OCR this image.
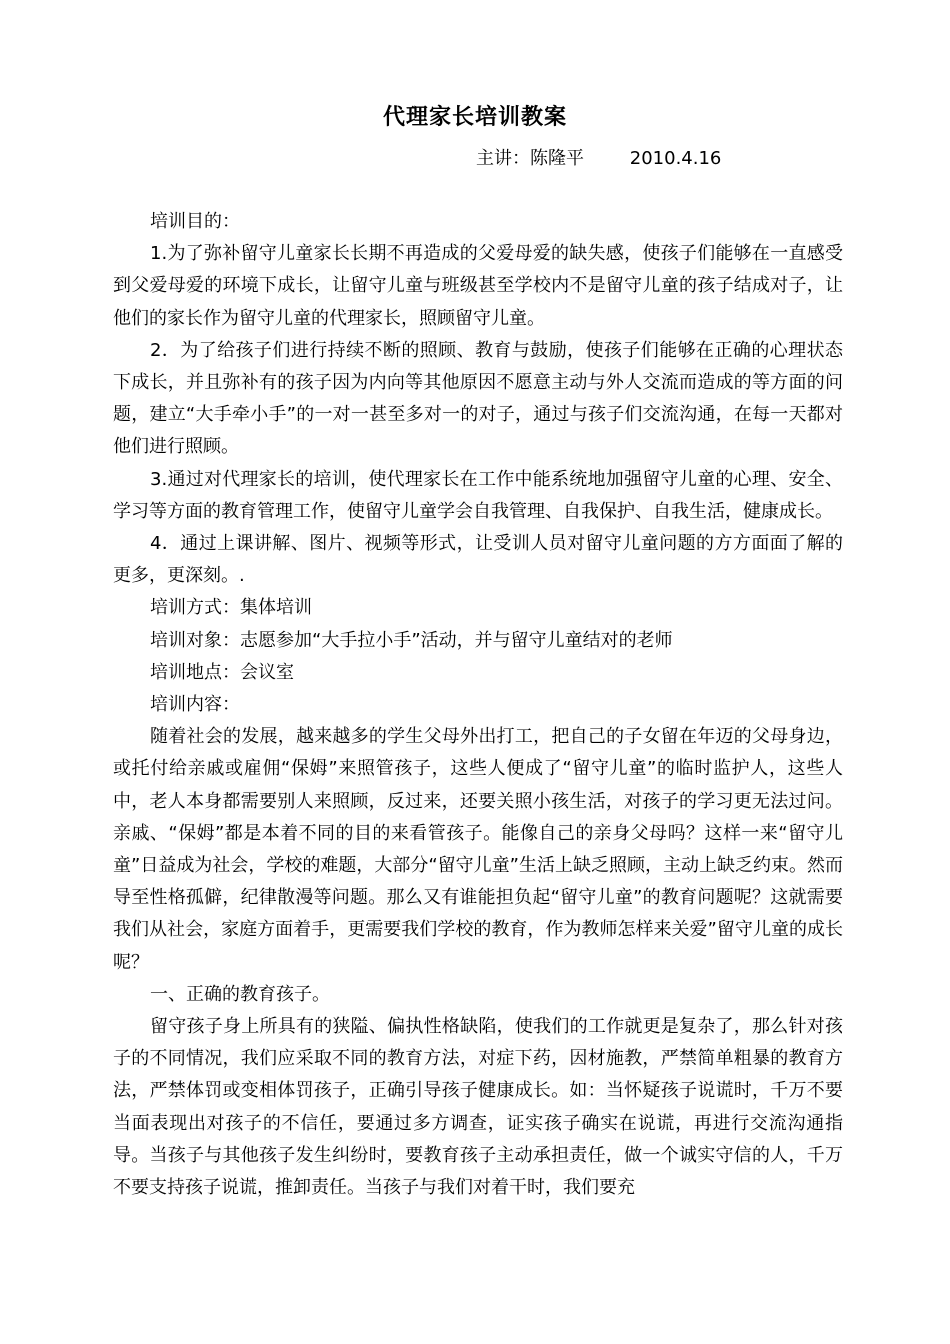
代理家长培训教案
主讲：陈隆平        2010.4.16

培训目的：

1.为了弥补留守儿童家长长期不再造成的父爱母爱的缺失感，使孩子们能够在一直感受到父爱母爱的环境下成长，让留守儿童与班级甚至学校内不是留守儿童的孩子结成对子，让他们的家长作为留守儿童的代理家长，照顾留守儿童。

2．为了给孩子们进行持续不断的照顾、教育与鼓励，使孩子们能够在正确的心理状态下成长，并且弥补有的孩子因为内向等其他原因不愿意主动与外人交流而造成的等方面的问题，建立“大手牵小手”的一对一甚至多对一的对子，通过与孩子们交流沟通，在每一天都对他们进行照顾。

3.通过对代理家长的培训，使代理家长在工作中能系统地加强留守儿童的心理、安全、学习等方面的教育管理工作，使留守儿童学会自我管理、自我保护、自我生活，健康成长。

4．通过上课讲解、图片、视频等形式，让受训人员对留守儿童问题的方方面面了解的更多，更深刻。.

培训方式：集体培训

培训对象：志愿参加“大手拉小手”活动，并与留守儿童结对的老师

培训地点：会议室

培训内容：

随着社会的发展，越来越多的学生父母外出打工，把自己的子女留在年迈的父母身边，或托付给亲戚或雇佣“保姆”来照管孩子，这些人便成了“留守儿童”的临时监护人，这些人中，老人本身都需要别人来照顾，反过来，还要关照小孩生活，对孩子的学习更无法过问。亲戚、“保姆”都是本着不同的目的来看管孩子。能像自己的亲身父母吗？这样一来“留守儿童”日益成为社会，学校的难题，大部分“留守儿童”生活上缺乏照顾，主动上缺乏约束。然而导至性格孤僻，纪律散漫等问题。那么又有谁能担负起“留守儿童”的教育问题呢？这就需要我们从社会，家庭方面着手，更需要我们学校的教育，作为教师怎样来关爱”留守儿童的成长呢？

一、正确的教育孩子。

留守孩子身上所具有的狭隘、偏执性格缺陷，使我们的工作就更是复杂了，那么针对孩子的不同情况，我们应采取不同的教育方法，对症下药，因材施教，严禁简单粗暴的教育方法，严禁体罚或变相体罚孩子，正确引导孩子健康成长。如：当怀疑孩子说谎时，千万不要当面表现出对孩子的不信任，要通过多方调查，证实孩子确实在说谎，再进行交流沟通指导。当孩子与其他孩子发生纠纷时，要教育孩子主动承担责任，做一个诚实守信的人，千万不要支持孩子说谎，推卸责任。当孩子与我们对着干时，我们要充
